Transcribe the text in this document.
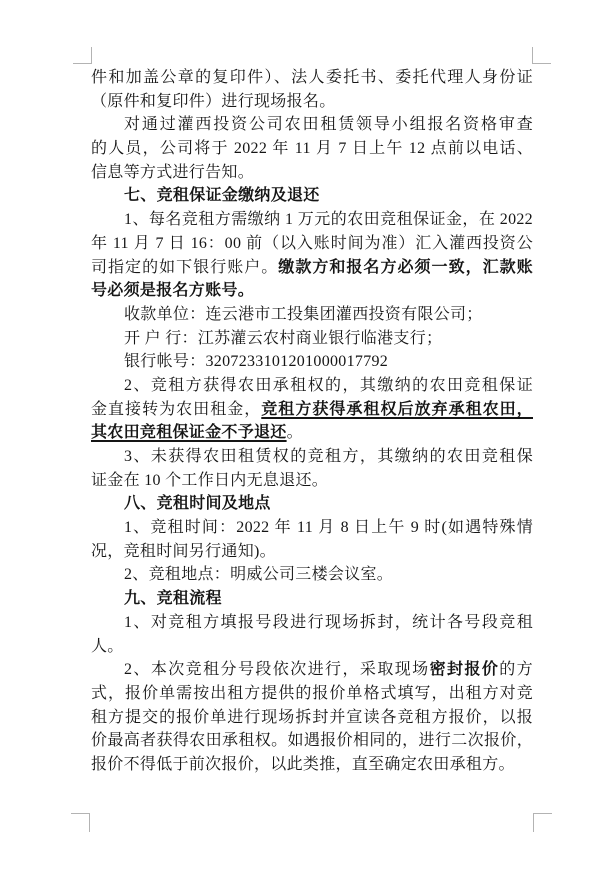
件和加盖公章的复印件）、法人委托书、委托代理人身份证
（原件和复印件）进行现场报名。
对通过灌西投资公司农田租赁领导小组报名资格审查
的人员，公司将于 2022 年 11 月 7 日上午 12 点前以电话、
信息等方式进行告知。
七、竞租保证金缴纳及退还
1、每名竞租方需缴纳 1 万元的农田竞租保证金，在 2022
年 11 月 7 日 16：00 前（以入账时间为准）汇入灌西投资公
司指定的如下银行账户。缴款方和报名方必须一致，汇款账
号必须是报名方账号。
收款单位：连云港市工投集团灌西投资有限公司；
开 户 行：江苏灌云农村商业银行临港支行；
银行帐号：3207233101201000017792
2、竞租方获得农田承租权的，其缴纳的农田竞租保证
金直接转为农田租金，竞租方获得承租权后放弃承租农田，
其农田竞租保证金不予退还。
3、未获得农田租赁权的竞租方，其缴纳的农田竞租保
证金在 10 个工作日内无息退还。
八、竞租时间及地点
1、竞租时间：2022 年 11 月 8 日上午 9 时(如遇特殊情
况，竞租时间另行通知)。
2、竞租地点：明威公司三楼会议室。
九、竞租流程
1、对竞租方填报号段进行现场拆封，统计各号段竞租
人。
2、本次竞租分号段依次进行，采取现场密封报价的方
式，报价单需按出租方提供的报价单格式填写，出租方对竞
租方提交的报价单进行现场拆封并宣读各竞租方报价，以报
价最高者获得农田承租权。如遇报价相同的，进行二次报价，
报价不得低于前次报价，以此类推，直至确定农田承租方。
